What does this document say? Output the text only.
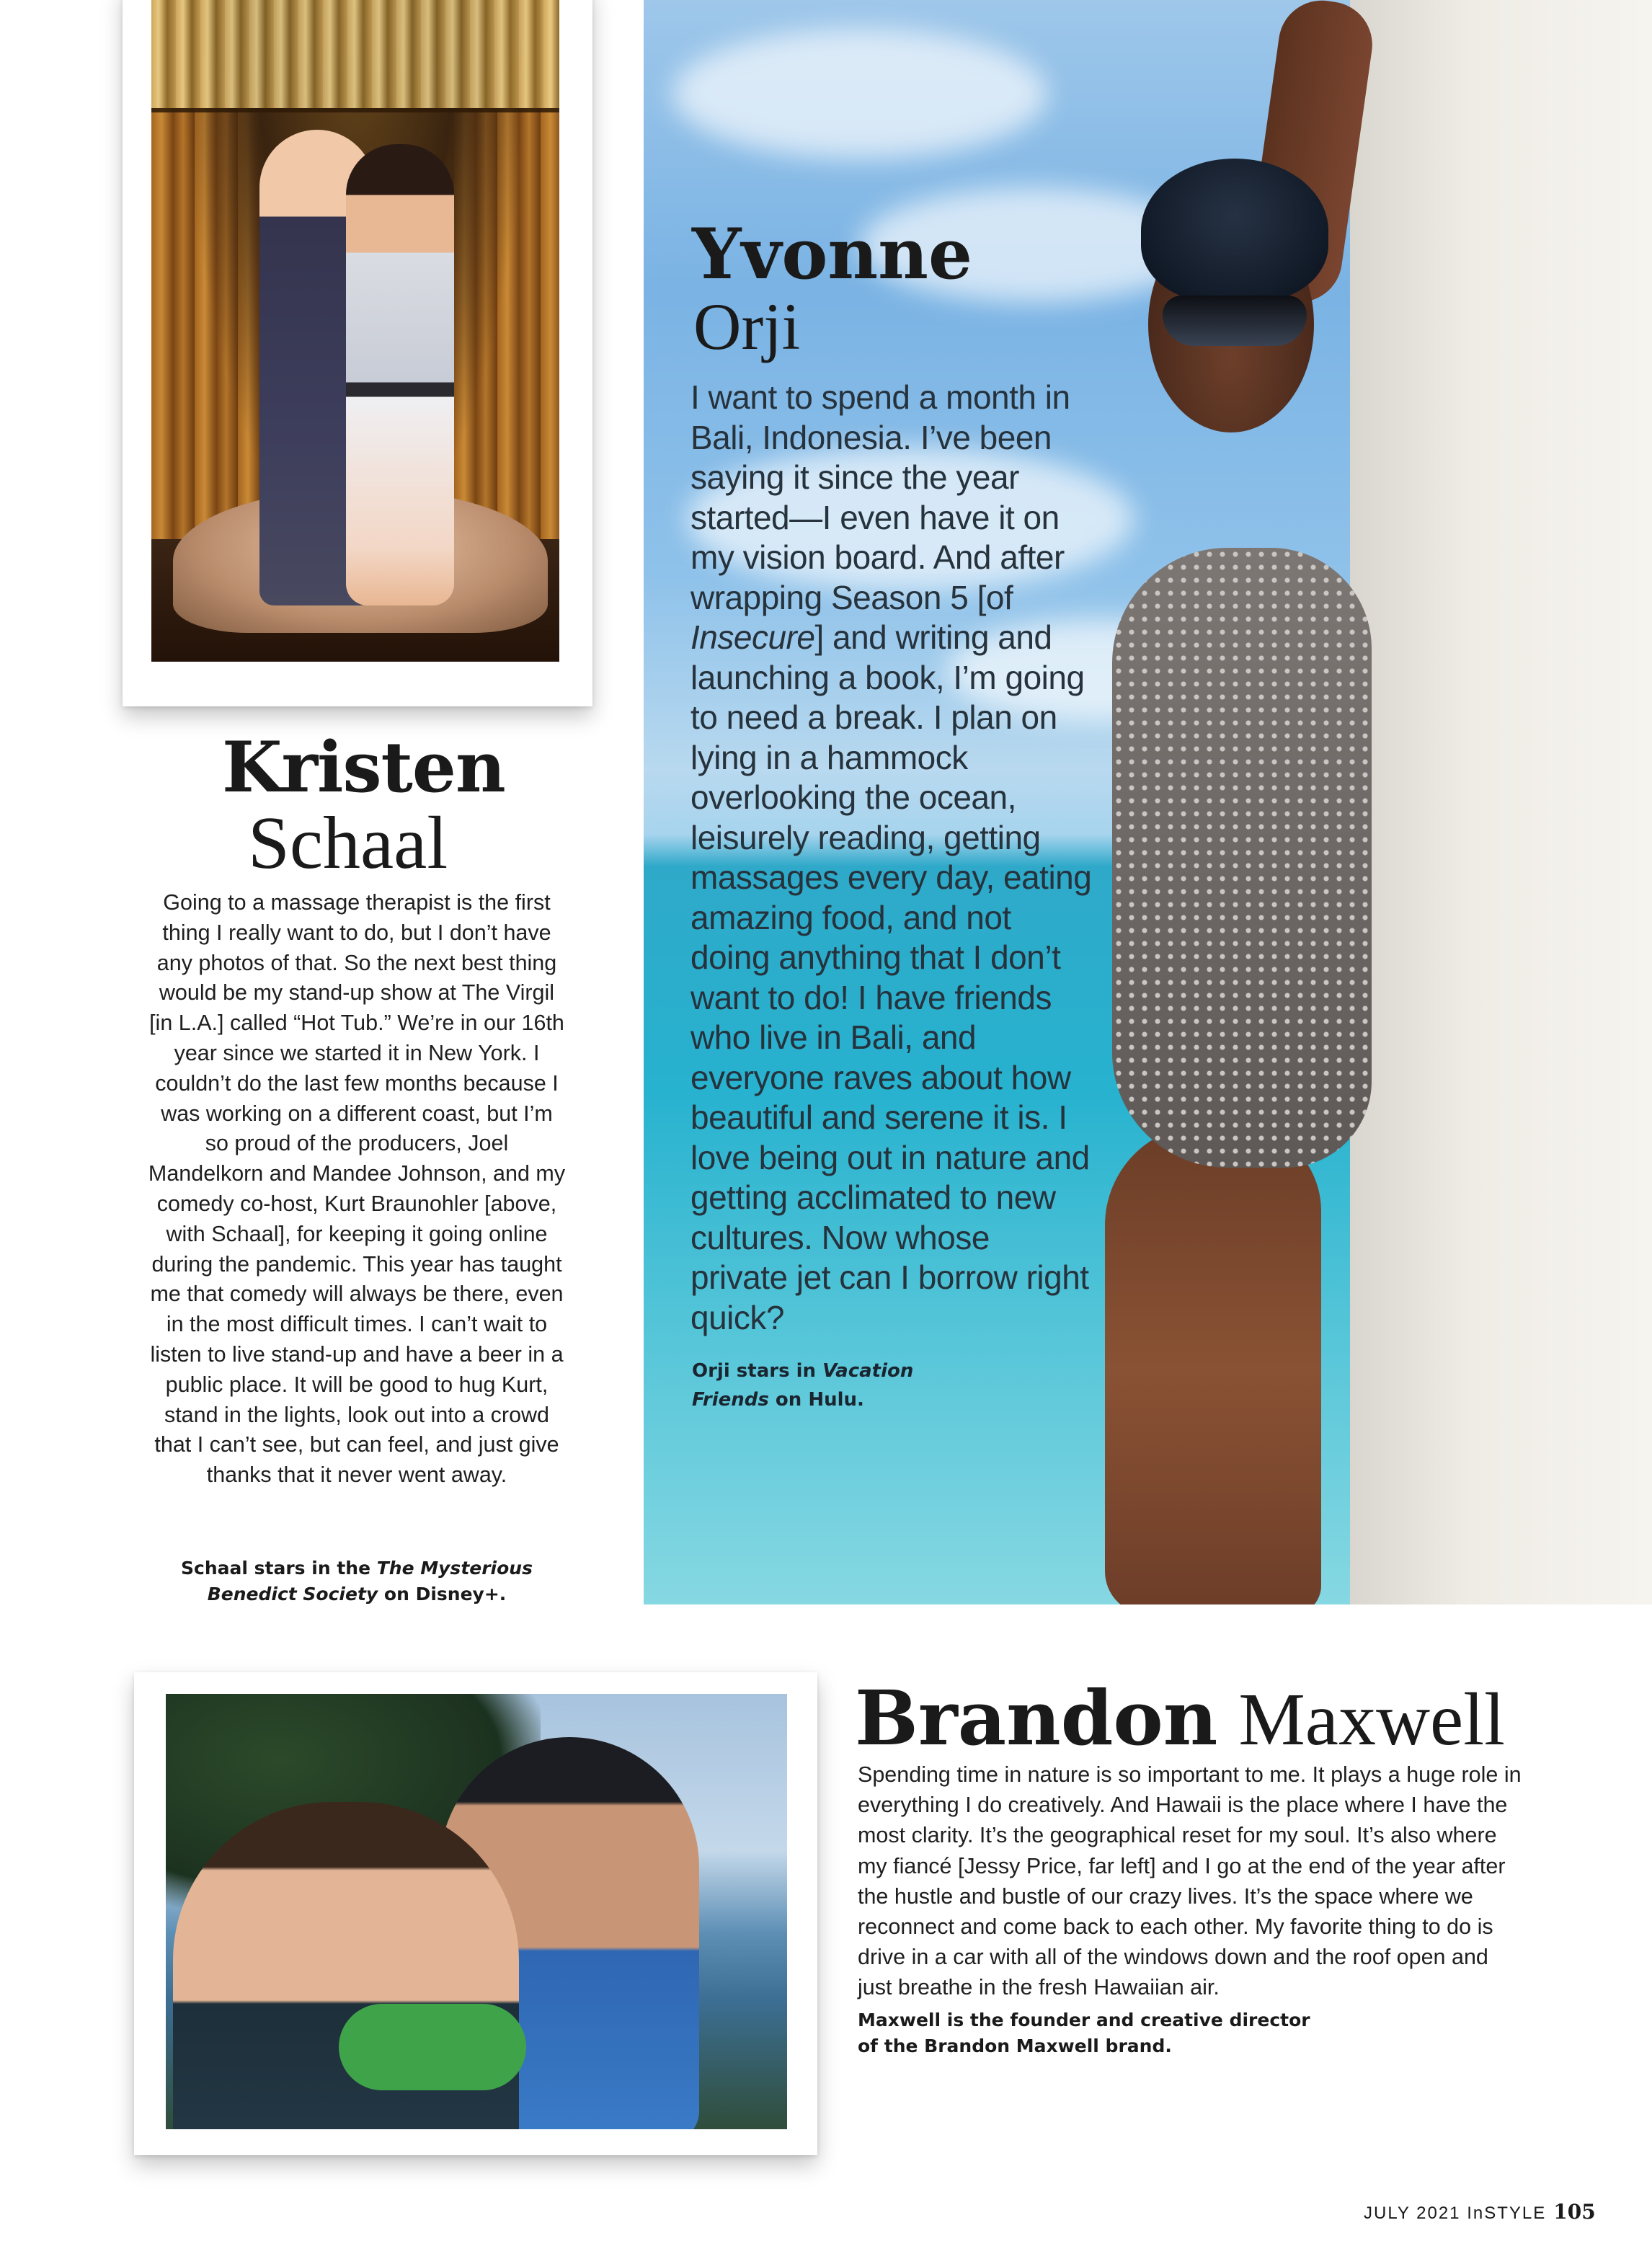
Kristen
Schaal
Going to a massage therapist is the first thing I really want to do, but I don’t have any photos of that. So the next best thing would be my stand-up show at The Virgil [in L.A.] called “Hot Tub.” We’re in our 16th year since we started it in New York. I couldn’t do the last few months because I was working on a different coast, but I’m so proud of the producers, Joel Mandelkorn and Mandee Johnson, and my comedy co-host, Kurt Braunohler [above, with Schaal], for keeping it going online during the pandemic. This year has taught me that comedy will always be there, even in the most difficult times. I can’t wait to listen to live stand-up and have a beer in a public place. It will be good to hug Kurt, stand in the lights, look out into a crowd that I can’t see, but can feel, and just give thanks that it never went away.
Schaal stars in the The Mysterious Benedict Society on Disney+.
Yvonne
Orji
I want to spend a month in Bali, Indonesia. I’ve been saying it since the year started—I even have it on my vision board. And after wrapping Season 5 [of Insecure] and writing and launching a book, I’m going to need a break. I plan on lying in a hammock overlooking the ocean, leisurely reading, getting massages every day, eating amazing food, and not doing anything that I don’t want to do! I have friends who live in Bali, and everyone raves about how beautiful and serene it is. I love being out in nature and getting acclimated to new cultures. Now whose private jet can I borrow right quick?
Orji stars in Vacation Friends on Hulu.
Brandon Maxwell
Spending time in nature is so important to me. It plays a huge role in everything I do creatively. And Hawaii is the place where I have the most clarity. It’s the geographical reset for my soul. It’s also where my fiancé [Jessy Price, far left] and I go at the end of the year after the hustle and bustle of our crazy lives. It’s the space where we reconnect and come back to each other. My favorite thing to do is drive in a car with all of the windows down and the roof open and just breathe in the fresh Hawaiian air.
Maxwell is the founder and creative director
of the Brandon Maxwell brand.
JULY 2021 InSTYLE 105
